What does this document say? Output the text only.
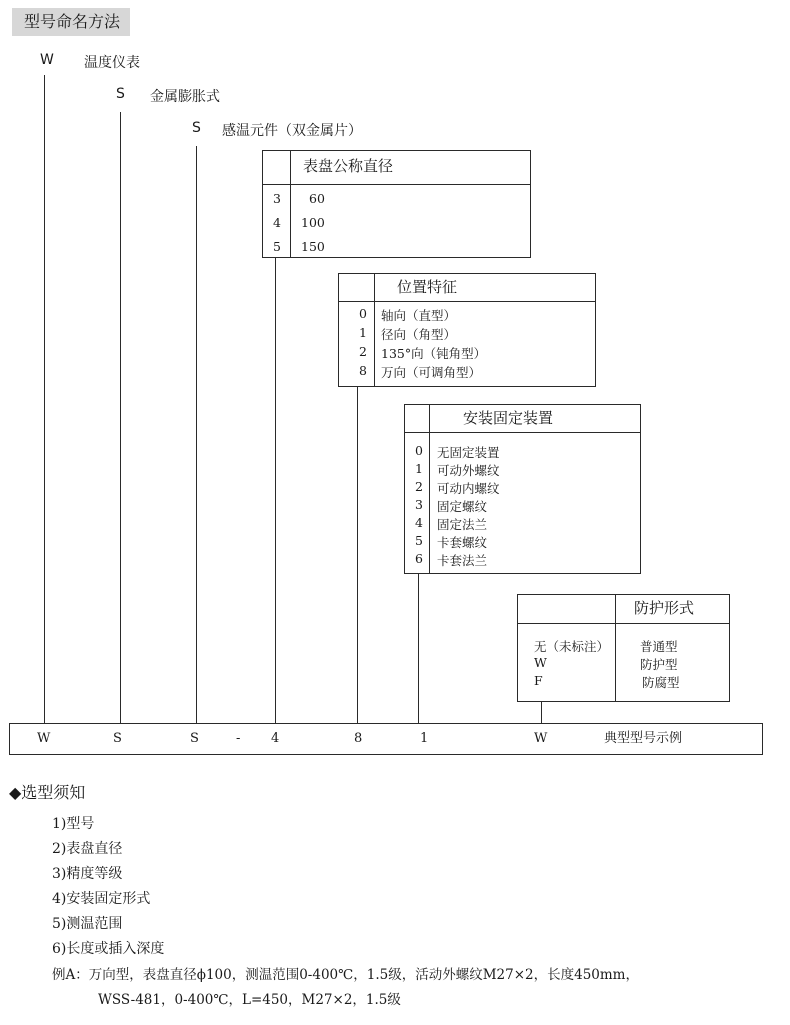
型号命名方法
W 温度仪表
S 金属膨胀式
S 感温元件（双金属片）
表盘公称直径
3 60
4 100
5 150
位置特征
0 轴向（直型）
1 径向（角型）
2 135°向（钝角型）
8 万向（可调角型）
安装固定装置
0 无固定装置
1 可动外螺纹
2 可动内螺纹
3 固定螺纹
4 固定法兰
5 卡套螺纹
6 卡套法兰
防护形式
无（未标注） 普通型
W	防护型
F	防腐型
W	S	S	- 4	8	1	W	典型型号示例
◆选型须知
1)型号
2)表盘直径
3)精度等级
4)安装固定形式
5)测温范围
6)长度或插入深度
例A：万向型，表盘直径ϕ100，测温范围0-400℃，1.5级，活动外螺纹M27×2，长度450mm，
WSS-481，0-400℃，L=450，M27×2，1.5级
